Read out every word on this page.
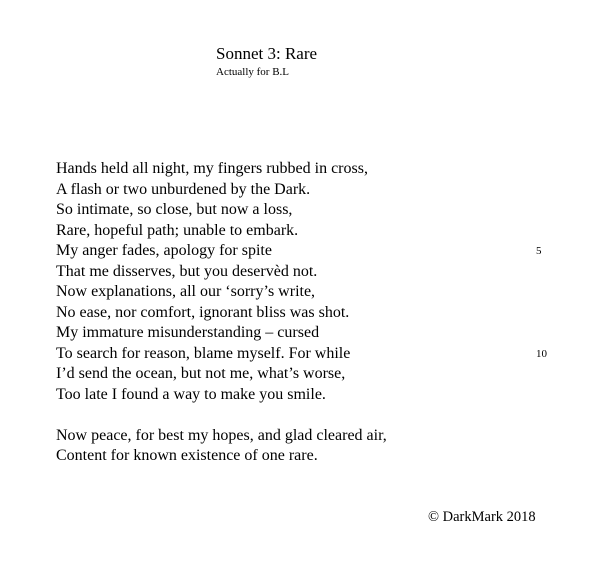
Sonnet 3: Rare
Actually for B.L
Hands held all night, my fingers rubbed in cross,
A flash or two unburdened by the Dark.
So intimate, so close, but now a loss,
Rare, hopeful path; unable to embark.
My anger fades, apology for spite	5
That me disserves, but you deservèd not.
Now explanations, all our ‘sorry’s write,
No ease, nor comfort, ignorant bliss was shot.
My immature misunderstanding – cursed
To search for reason, blame myself. For while	10
I’d send the ocean, but not me, what’s worse,
Too late I found a way to make you smile.
Now peace, for best my hopes, and glad cleared air,
Content for known existence of one rare.
© DarkMark 2018
